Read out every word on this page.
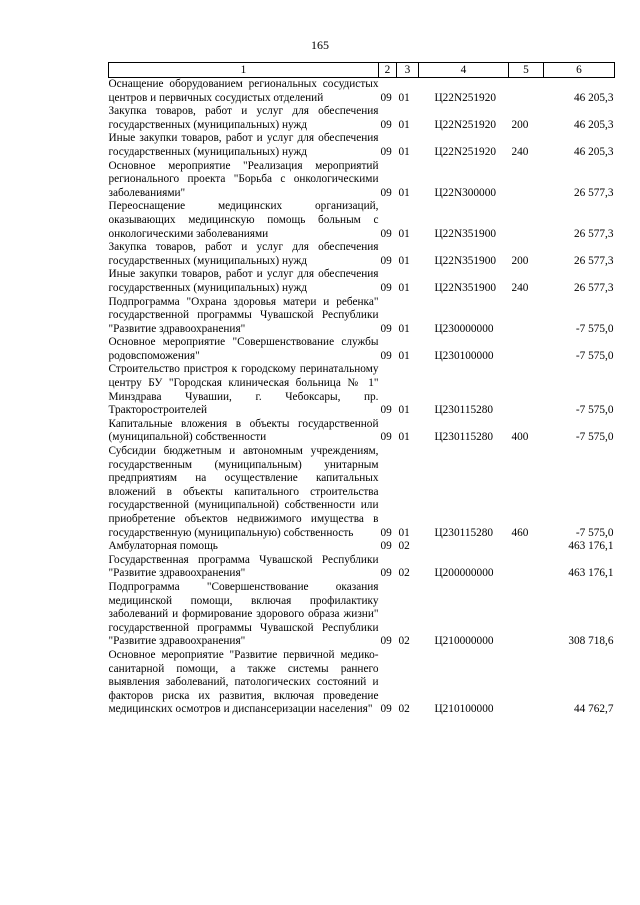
165
1	2	3	4	5	6
Оснащение оборудованием региональных сосудистых центров и первичных сосудистых отделений	09	01	Ц22N251920		46 205,3
Закупка товаров, работ и услуг для обеспечения государственных (муниципальных) нужд	09	01	Ц22N251920	200	46 205,3
Иные закупки товаров, работ и услуг для обеспечения государственных (муниципальных) нужд	09	01	Ц22N251920	240	46 205,3
Основное мероприятие "Реализация мероприятий регионального проекта "Борьба с онкологическими заболеваниями"	09	01	Ц22N300000		26 577,3
Переоснащение медицинских организаций, оказывающих медицинскую помощь больным с онкологическими заболеваниями	09	01	Ц22N351900		26 577,3
Закупка товаров, работ и услуг для обеспечения государственных (муниципальных) нужд	09	01	Ц22N351900	200	26 577,3
Иные закупки товаров, работ и услуг для обеспечения государственных (муниципальных) нужд	09	01	Ц22N351900	240	26 577,3
Подпрограмма "Охрана здоровья матери и ребенка" государственной программы Чувашской Республики "Развитие здравоохранения"	09	01	Ц230000000		-7 575,0
Основное мероприятие "Совершенствование службы родовспоможения"	09	01	Ц230100000		-7 575,0
Строительство пристроя к городскому перинатальному центру БУ "Городская клиническая больница № 1" Минздрава Чувашии, г. Чебоксары, пр. Тракторостроителей	09	01	Ц230115280		-7 575,0
Капитальные вложения в объекты государственной (муниципальной) собственности	09	01	Ц230115280	400	-7 575,0
Субсидии бюджетным и автономным учреждениям, государственным (муниципальным) унитарным предприятиям на осуществление капитальных вложений в объекты капитального строительства государственной (муниципальной) собственности или приобретение объектов недвижимого имущества в государственную (муниципальную) собственность	09	01	Ц230115280	460	-7 575,0
Амбулаторная помощь	09	02			463 176,1
Государственная программа Чувашской Республики "Развитие здравоохранения"	09	02	Ц200000000		463 176,1
Подпрограмма "Совершенствование оказания медицинской помощи, включая профилактику заболеваний и формирование здорового образа жизни" государственной программы Чувашской Республики "Развитие здравоохранения"	09	02	Ц210000000		308 718,6
Основное мероприятие "Развитие первичной медико-санитарной помощи, а также системы раннего выявления заболеваний, патологических состояний и факторов риска их развития, включая проведение медицинских осмотров и диспансеризации населения"	09	02	Ц210100000		44 762,7
